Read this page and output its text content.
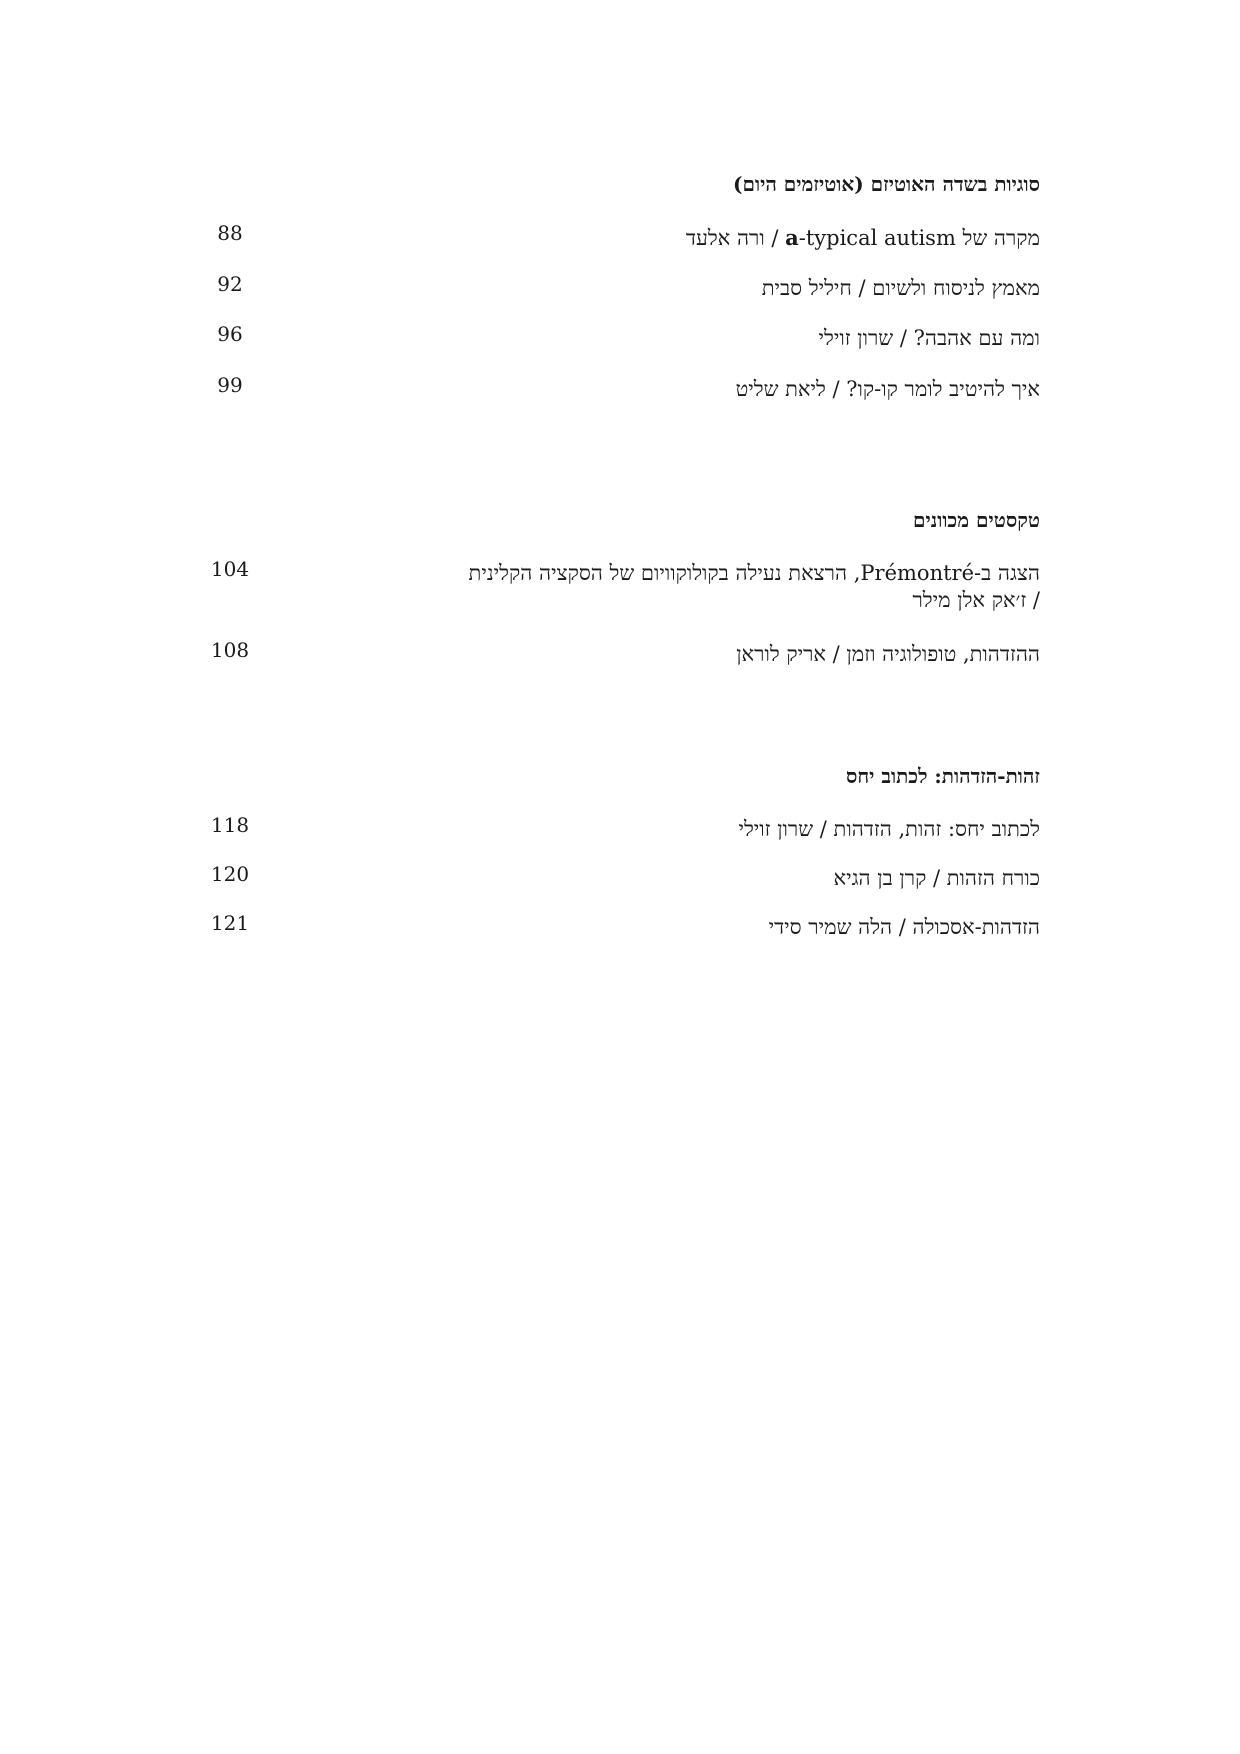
סוגיות בשדה האוטיזם (אוטיזמים היום)
מקרה של a-typical autism / ורה אלעד
88
מאמץ לניסוח ולשיום / חיליל סבית
92
ומה עם אהבה? / שרון זוילי
96
איך להיטיב לומר קו-קו? / ליאת שליט
99
טקסטים מכוונים
הצגה ב-Prémontré, הרצאת נעילה בקולוקוויום של הסקציה הקלינית
/ ז׳אק אלן מילר
104
ההזדהות, טופולוגיה וזמן / אריק לוראן
108
זהות-הזדהות: לכתוב יחס
לכתוב יחס: זהות, הזדהות / שרון זוילי
118
כורח הזהות / קרן בן הגיא
120
הזדהות-אסכולה / הלה שמיר סידי
121
